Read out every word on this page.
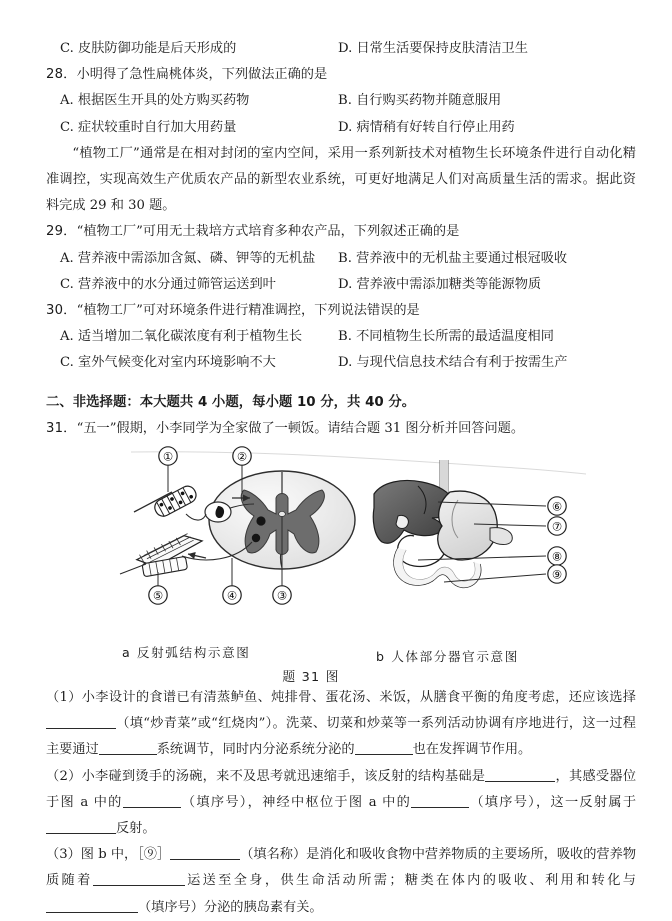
C. 皮肤防御功能是后天形成的	D. 日常生活要保持皮肤清洁卫生
28．小明得了急性扁桃体炎，下列做法正确的是
A. 根据医生开具的处方购买药物	B. 自行购买药物并随意服用
C. 症状较重时自行加大用药量	D. 病情稍有好转自行停止用药
“植物工厂”通常是在相对封闭的室内空间，采用一系列新技术对植物生长环境条件进行自动化精准调控，实现高效生产优质农产品的新型农业系统，可更好地满足人们对高质量生活的需求。据此资料完成 29 和 30 题。
29．“植物工厂”可用无土栽培方式培育多种农产品，下列叙述正确的是
A. 营养液中需添加含氮、磷、钾等的无机盐	B. 营养液中的无机盐主要通过根冠吸收
C. 营养液中的水分通过筛管运送到叶	D. 营养液中需添加糖类等能源物质
30．“植物工厂”可对环境条件进行精准调控，下列说法错误的是
A. 适当增加二氧化碳浓度有利于植物生长	B. 不同植物生长所需的最适温度相同
C. 室外气候变化对室内环境影响不大	D. 与现代信息技术结合有利于按需生产
二、非选择题：本大题共 4 小题，每小题 10 分，共 40 分。
31．“五一”假期，小李同学为全家做了一顿饭。请结合题 31 图分析并回答问题。
①	②
③
④
⑤
⑥
⑦
⑧
⑨
a 反射弧结构示意图	b 人体部分器官示意图
题 31 图
（1）小李设计的食谱已有清蒸鲈鱼、炖排骨、蛋花汤、米饭，从膳食平衡的角度考虑，还应该选择（填“炒青菜”或“红烧肉”）。洗菜、切菜和炒菜等一系列活动协调有序地进行，这一过程主要通过	系统调节，同时内分泌系统分泌的	也在发挥调节作用。
（2）小李碰到烫手的汤碗，来不及思考就迅速缩手，该反射的结构基础是	，其感受器位于图 a 中的	（填序号），神经中枢位于图 a 中的	（填序号），这一反射属于反射。
（3）图 b 中，［⑨］	（填名称）是消化和吸收食物中营养物质的主要场所，吸收的营养物质随着	运送至全身，供生命活动所需；糖类在体内的吸收、利用和转化与（填序号）分泌的胰岛素有关。
